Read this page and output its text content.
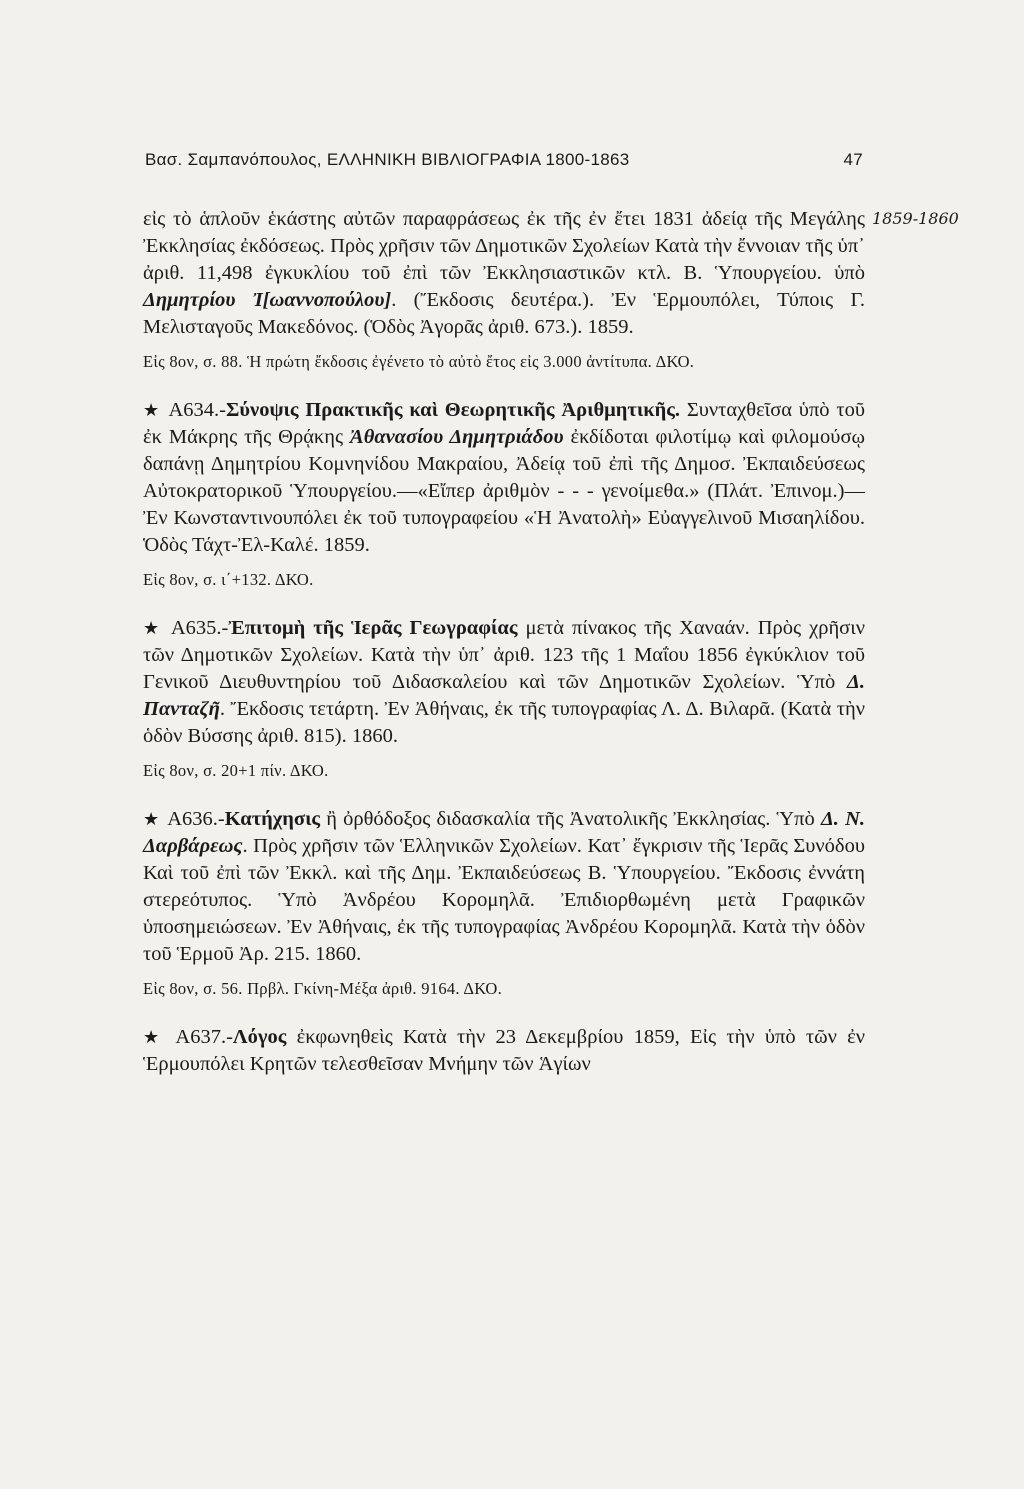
Βασ. Σαμπανόπουλος, ΕΛΛΗΝΙΚΗ ΒΙΒΛΙΟΓΡΑΦΙΑ 1800-1863	47
1859-1860

εἰς τὸ ἁπλοῦν ἑκάστης αὐτῶν παραφράσεως ἐκ τῆς ἐν ἔτει 1831 ἀδείᾳ τῆς Μεγάλης Ἐκκλησίας ἐκδόσεως. Πρὸς χρῆσιν τῶν Δημοτικῶν Σχολείων Κατὰ τὴν ἔννοιαν τῆς ὑπ᾿ ἀριθ. 11,498 ἐγκυκλίου τοῦ ἐπὶ τῶν Ἐκκλησιαστικῶν κτλ. Β. Ὑπουργείου. ὑπὸ Δημητρίου Ἰ[ωαννοπούλου]. (Ἔκδοσις δευτέρα.). Ἐν Ἑρμουπόλει, Τύποις Γ. Μελισταγοῦς Μακεδόνος. (Ὁδὸς Ἀγορᾶς ἀριθ. 673.). 1859.

Εἰς 8ον, σ. 88. Ἡ πρώτη ἔκδοσις ἐγένετο τὸ αὐτὸ ἔτος εἰς 3.000 ἀντίτυπα. ΔΚΟ.

★ Α634.-Σύνοψις Πρακτικῆς καὶ Θεωρητικῆς Ἀριθμητικῆς. Συνταχθεῖσα ὑπὸ τοῦ ἐκ Μάκρης τῆς Θρᾴκης Ἀθανασίου Δημητριάδου ἐκδίδοται φιλοτίμῳ καὶ φιλομούσῳ δαπάνῃ Δημητρίου Κομνηνίδου Μακραίου, Ἀδείᾳ τοῦ ἐπὶ τῆς Δημοσ. Ἐκπαιδεύσεως Αὐτοκρατορικοῦ Ὑπουργείου.—«Εἴπερ ἀριθμὸν - - - γενοίμεθα.» (Πλάτ. Ἐπινομ.)—Ἐν Κωνσταντινουπόλει ἐκ τοῦ τυπογραφείου «Ἡ Ἀνατολὴ» Εὐαγγελινοῦ Μισαηλίδου. Ὁδὸς Τάχτ-Ἐλ-Καλέ. 1859.

Εἰς 8ον, σ. ι΄+132. ΔΚΟ.

★ Α635.-Ἐπιτομὴ τῆς Ἱερᾶς Γεωγραφίας μετὰ πίνακος τῆς Χαναάν. Πρὸς χρῆσιν τῶν Δημοτικῶν Σχολείων. Κατὰ τὴν ὑπ᾿ ἀριθ. 123 τῆς 1 Μαΐου 1856 ἐγκύκλιον τοῦ Γενικοῦ Διευθυντηρίου τοῦ Διδασκαλείου καὶ τῶν Δημοτικῶν Σχολείων. Ὑπὸ Δ. Πανταζῆ. Ἔκδοσις τετάρτη. Ἐν Ἀθήναις, ἐκ τῆς τυπογραφίας Λ. Δ. Βιλαρᾶ. (Κατὰ τὴν ὁδὸν Βύσσης ἀριθ. 815). 1860.

Εἰς 8ον, σ. 20+1 πίν. ΔΚΟ.

★ Α636.-Κατήχησις ἢ ὀρθόδοξος διδασκαλία τῆς Ἀνατολικῆς Ἐκκλησίας. Ὑπὸ Δ. Ν. Δαρβάρεως. Πρὸς χρῆσιν τῶν Ἑλληνικῶν Σχολείων. Κατ᾿ ἔγκρισιν τῆς Ἱερᾶς Συνόδου Καὶ τοῦ ἐπὶ τῶν Ἐκκλ. καὶ τῆς Δημ. Ἐκπαιδεύσεως Β. Ὑπουργείου. Ἔκδοσις ἐννάτη στερεότυπος. Ὑπὸ Ἀνδρέου Κορομηλᾶ. Ἐπιδιορθωμένη μετὰ Γραφικῶν ὑποσημειώσεων. Ἐν Ἀθήναις, ἐκ τῆς τυπογραφίας Ἀνδρέου Κορομηλᾶ. Κατὰ τὴν ὁδὸν τοῦ Ἑρμοῦ Ἀρ. 215. 1860.

Εἰς 8ον, σ. 56. Πρβλ. Γκίνη-Μέξα ἀριθ. 9164. ΔΚΟ.

★ Α637.-Λόγος ἐκφωνηθεὶς Κατὰ τὴν 23 Δεκεμβρίου 1859, Εἰς τὴν ὑπὸ τῶν ἐν Ἑρμουπόλει Κρητῶν τελεσθεῖσαν Μνήμην τῶν Ἁγίων
